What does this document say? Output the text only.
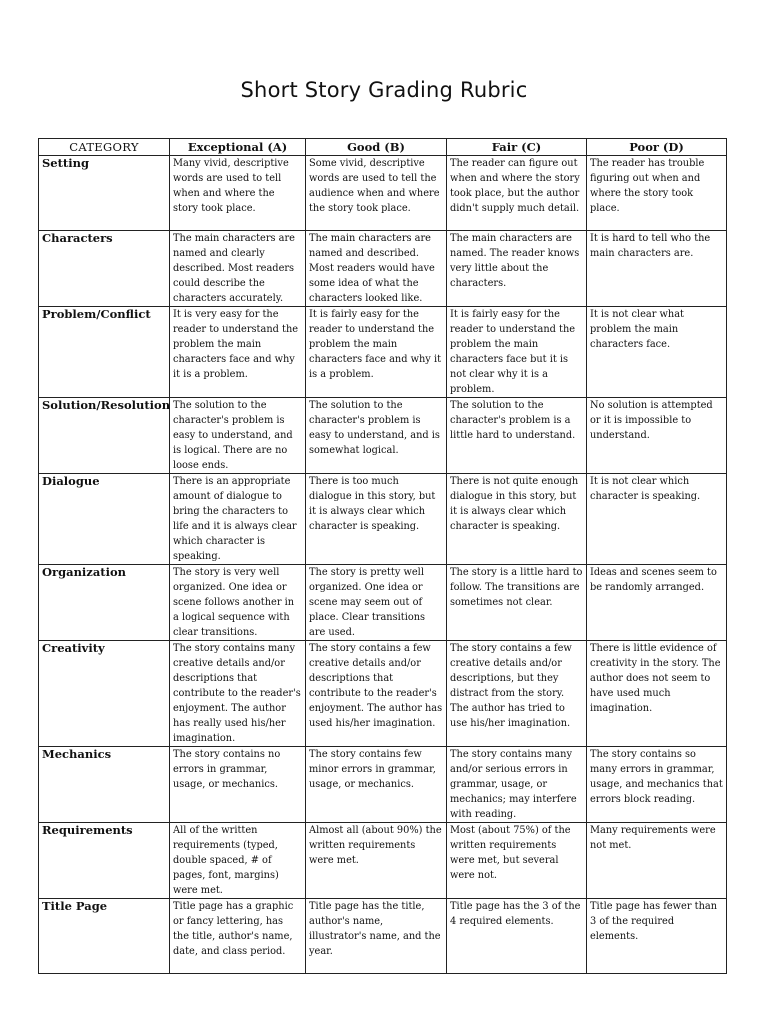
Short Story Grading Rubric
CATEGORY	Exceptional (A)	Good (B)	Fair (C)	Poor (D)
Setting	Many vivid, descriptive words are used to tell when and where the story took place.	Some vivid, descriptive words are used to tell the audience when and where the story took place.	The reader can figure out when and where the story took place, but the author didn't supply much detail.	The reader has trouble figuring out when and where the story took place.
Characters	The main characters are named and clearly described. Most readers could describe the characters accurately.	The main characters are named and described. Most readers would have some idea of what the characters looked like.	The main characters are named. The reader knows very little about the characters.	It is hard to tell who the main characters are.
Problem/Conflict	It is very easy for the reader to understand the problem the main characters face and why it is a problem.	It is fairly easy for the reader to understand the problem the main characters face and why it is a problem.	It is fairly easy for the reader to understand the problem the main characters face but it is not clear why it is a problem.	It is not clear what problem the main characters face.
Solution/Resolution	The solution to the character's problem is easy to understand, and is logical. There are no loose ends.	The solution to the character's problem is easy to understand, and is somewhat logical.	The solution to the character's problem is a little hard to understand.	No solution is attempted or it is impossible to understand.
Dialogue	There is an appropriate amount of dialogue to bring the characters to life and it is always clear which character is speaking.	There is too much dialogue in this story, but it is always clear which character is speaking.	There is not quite enough dialogue in this story, but it is always clear which character is speaking.	It is not clear which character is speaking.
Organization	The story is very well organized. One idea or scene follows another in a logical sequence with clear transitions.	The story is pretty well organized. One idea or scene may seem out of place. Clear transitions are used.	The story is a little hard to follow. The transitions are sometimes not clear.	Ideas and scenes seem to be randomly arranged.
Creativity	The story contains many creative details and/or descriptions that contribute to the reader's enjoyment. The author has really used his/her imagination.	The story contains a few creative details and/or descriptions that contribute to the reader's enjoyment. The author has used his/her imagination.	The story contains a few creative details and/or descriptions, but they distract from the story. The author has tried to use his/her imagination.	There is little evidence of creativity in the story. The author does not seem to have used much imagination.
Mechanics	The story contains no errors in grammar, usage, or mechanics.	The story contains few minor errors in grammar, usage, or mechanics.	The story contains many and/or serious errors in grammar, usage, or mechanics; may interfere with reading.	The story contains so many errors in grammar, usage, and mechanics that errors block reading.
Requirements	All of the written requirements (typed, double spaced, # of pages, font, margins) were met.	Almost all (about 90%) the written requirements were met.	Most (about 75%) of the written requirements were met, but several were not.	Many requirements were not met.
Title Page	Title page has a graphic or fancy lettering, has the title, author's name, date, and class period.	Title page has the title, author's name, illustrator's name, and the year.	Title page has the 3 of the 4 required elements.	Title page has fewer than 3 of the required elements.
